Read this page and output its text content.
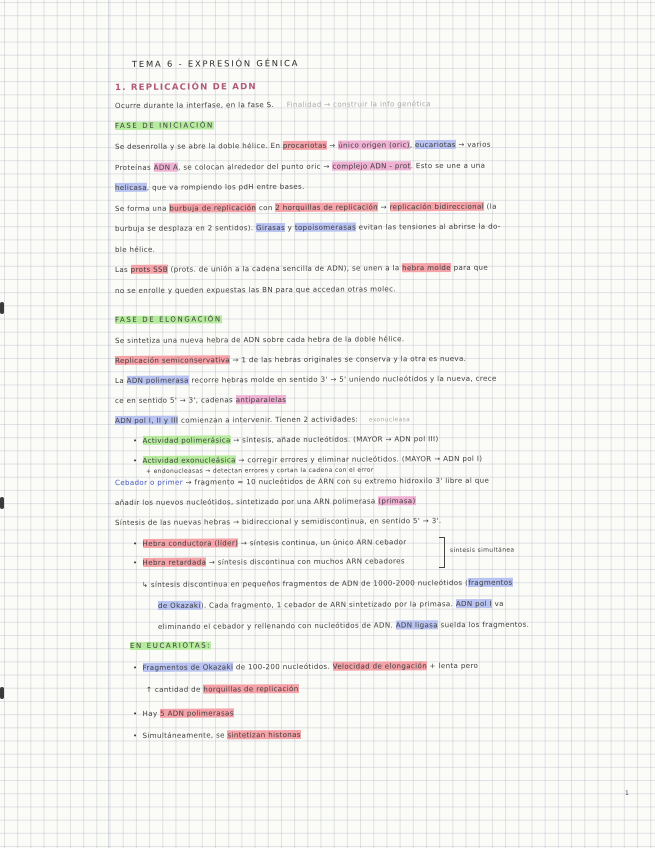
TEMA 6 - EXPRESIÓN GÉNICA
1. REPLICACIÓN DE ADN
Ocurre durante la interfase, en la fase S. Finalidad → construir la info genética
FASE DE INICIACIÓN
Se desenrolla y se abre la doble hélice. En procariotas → único origen (oric), eucariotas → varios
Proteínas ADN A, se colocan alrededor del punto oric → complejo ADN - prot. Esto se une a una
helicasa, que va rompiendo los pdH entre bases.
Se forma una burbuja de replicación con 2 horquillas de replicación → replicación bidireccional (la
burbuja se desplaza en 2 sentidos). Girasas y topoisomerasas evitan las tensiones al abrirse la do-
ble hélice.
Las prots SSB (prots. de unión a la cadena sencilla de ADN), se unen a la hebra molde para que
no se enrolle y queden expuestas las BN para que accedan otras molec.
FASE DE ELONGACIÓN
Se sintetiza una nueva hebra de ADN sobre cada hebra de la doble hélice.
Replicación semiconservativa → 1 de las hebras originales se conserva y la otra es nueva.
La ADN polimerasa recorre hebras molde en sentido 3' → 5' uniendo nucleótidos y la nueva, crece
ce en sentido 5' → 3', cadenas antiparalelas
ADN pol I, II y III comienzan a intervenir. Tienen 2 actividades: exonucleasa
• Actividad polimerásica → síntesis, añade nucleótidos. (MAYOR → ADN pol III)
• Actividad exonucleásica → corregir errores y eliminar nucleótidos. (MAYOR → ADN pol I)
+ endonucleasas → detectan errores y cortan la cadena con el error
Cebador o primer → fragmento ≈ 10 nucleótidos de ARN con su extremo hidroxilo 3' libre al que
añadir los nuevos nucleótidos, sintetizado por una ARN polimerasa (primasa)
Síntesis de las nuevas hebras → bidireccional y semidiscontinua, en sentido 5' → 3'.
• Hebra conductora (líder) → síntesis continua, un único ARN cebador
• Hebra retardada → síntesis discontinua con muchos ARN cebadores
síntesis simultánea
↳ síntesis discontinua en pequeños fragmentos de ADN de 1000-2000 nucleótidos (fragmentos
de Okazaki). Cada fragmento, 1 cebador de ARN sintetizado por la primasa. ADN pol I va
eliminando el cebador y rellenando con nucleótidos de ADN. ADN ligasa suelda los fragmentos.
EN EUCARIOTAS:
• Fragmentos de Okazaki de 100-200 nucleótidos. Velocidad de elongación + lenta pero
↑ cantidad de horquillas de replicación
• Hay 5 ADN polimerasas
• Simultáneamente, se sintetizan histonas
1
